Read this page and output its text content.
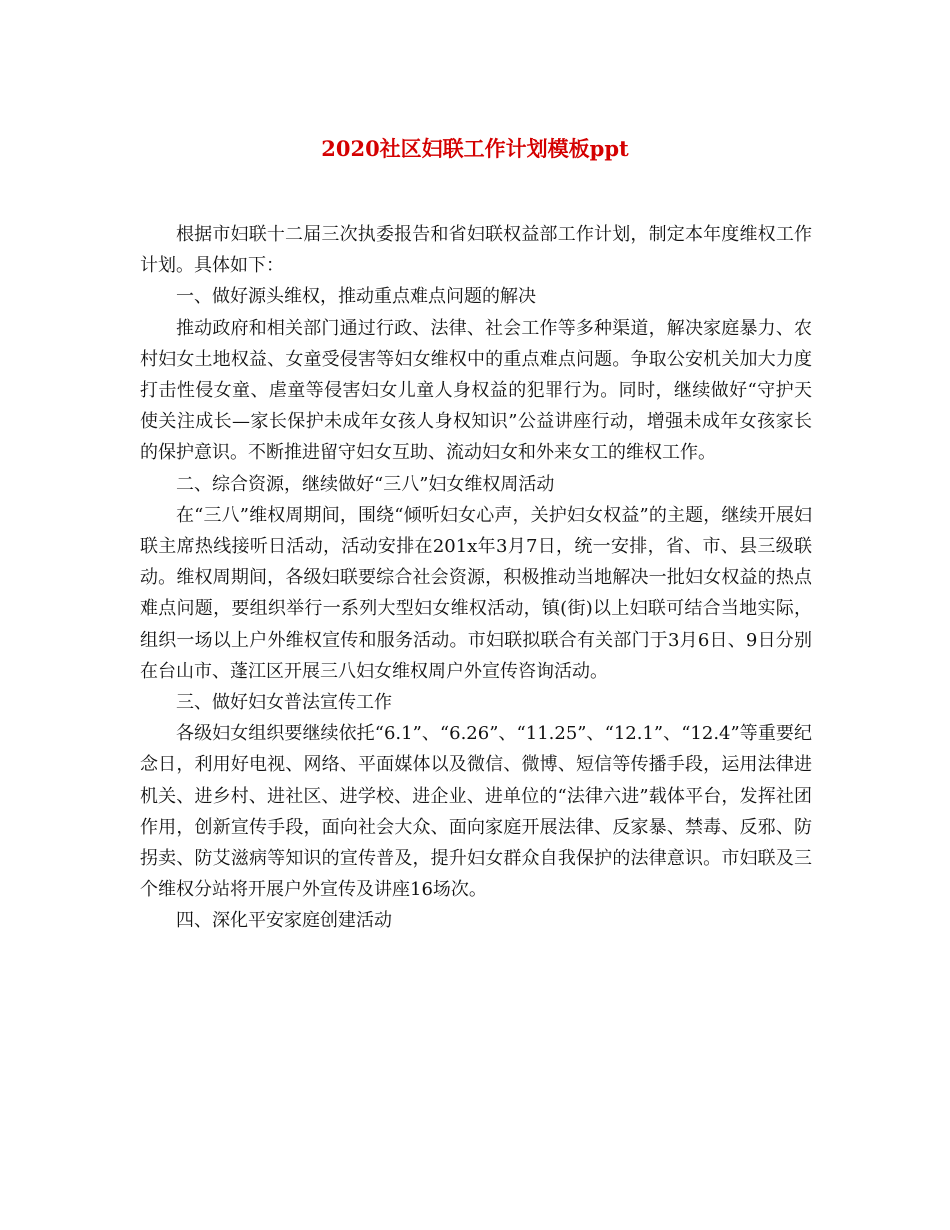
2020社区妇联工作计划模板ppt

根据市妇联十二届三次执委报告和省妇联权益部工作计划，制定本年度维权工作计划。具体如下：

一、做好源头维权，推动重点难点问题的解决

推动政府和相关部门通过行政、法律、社会工作等多种渠道，解决家庭暴力、农村妇女土地权益、女童受侵害等妇女维权中的重点难点问题。争取公安机关加大力度打击性侵女童、虐童等侵害妇女儿童人身权益的犯罪行为。同时，继续做好“守护天使关注成长—家长保护未成年女孩人身权知识”公益讲座行动，增强未成年女孩家长的保护意识。不断推进留守妇女互助、流动妇女和外来女工的维权工作。

二、综合资源，继续做好“三八”妇女维权周活动

在“三八”维权周期间，围绕“倾听妇女心声，关护妇女权益”的主题，继续开展妇联主席热线接听日活动，活动安排在201x年3月7日，统一安排，省、市、县三级联动。维权周期间，各级妇联要综合社会资源，积极推动当地解决一批妇女权益的热点难点问题，要组织举行一系列大型妇女维权活动，镇(街)以上妇联可结合当地实际，组织一场以上户外维权宣传和服务活动。市妇联拟联合有关部门于3月6日、9日分别在台山市、蓬江区开展三八妇女维权周户外宣传咨询活动。

三、做好妇女普法宣传工作

各级妇女组织要继续依托“6.1”、“6.26”、“11.25”、“12.1”、“12.4”等重要纪念日，利用好电视、网络、平面媒体以及微信、微博、短信等传播手段，运用法律进机关、进乡村、进社区、进学校、进企业、进单位的“法律六进”载体平台，发挥社团作用，创新宣传手段，面向社会大众、面向家庭开展法律、反家暴、禁毒、反邪、防拐卖、防艾滋病等知识的宣传普及，提升妇女群众自我保护的法律意识。市妇联及三个维权分站将开展户外宣传及讲座16场次。

四、深化平安家庭创建活动
